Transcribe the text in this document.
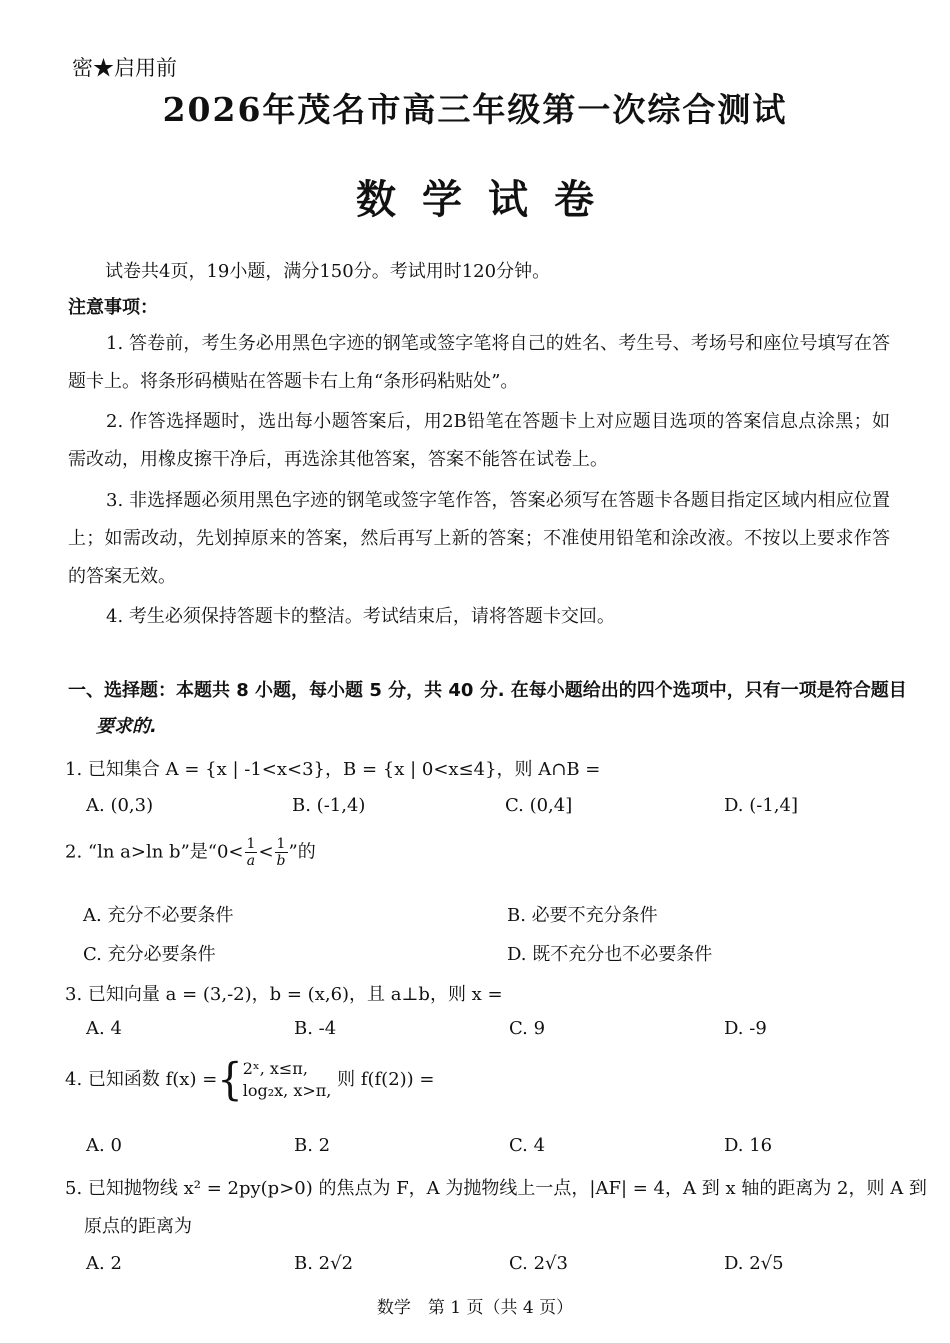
密★启用前
2026年茂名市高三年级第一次综合测试
数学试卷
试卷共4页，19小题，满分150分。考试用时120分钟。
注意事项：
1. 答卷前，考生务必用黑色字迹的钢笔或签字笔将自己的姓名、考生号、考场号和座位号填写在答题卡上。将条形码横贴在答题卡右上角“条形码粘贴处”。
2. 作答选择题时，选出每小题答案后，用2B铅笔在答题卡上对应题目选项的答案信息点涂黑；如需改动，用橡皮擦干净后，再选涂其他答案，答案不能答在试卷上。
3. 非选择题必须用黑色字迹的钢笔或签字笔作答，答案必须写在答题卡各题目指定区域内相应位置上；如需改动，先划掉原来的答案，然后再写上新的答案；不准使用铅笔和涂改液。不按以上要求作答的答案无效。
4. 考生必须保持答题卡的整洁。考试结束后，请将答题卡交回。
一、选择题：本题共 8 小题，每小题 5 分，共 40 分. 在每小题给出的四个选项中，只有一项是符合题目
要求的.
1. 已知集合 A = {x | -1<x<3}，B = {x | 0<x≤4}，则 A∩B =
A. (0,3)	B. (-1,4)	C. (0,4]	D. (-1,4]
2. “ln a>ln b”是“$0< \frac{1}{a} < \frac{1}{b}$ ”的
A. 充分不必要条件	B. 必要不充分条件
C. 充分必要条件	D. 既不充分也不必要条件
3. 已知向量 a = (3,-2)，b = (x,6)，且 a⊥b，则 x =
A. 4	B. -4	C. 9	D. -9
4. 已知函数 f(x) ={ 2ˣ, x≤π,
log₂x, x>π,
则 f(f(2)) =
A. 0	B. 2	C. 4	D. 16
5. 已知抛物线 x² = 2py(p>0) 的焦点为 F，A 为抛物线上一点，|AF| = 4，A 到 x 轴的距离为 2，则 A 到
原点的距离为
A. 2	B. 2√2	C. 2√3	D. 2√5
数学　第 1 页（共 4 页）
